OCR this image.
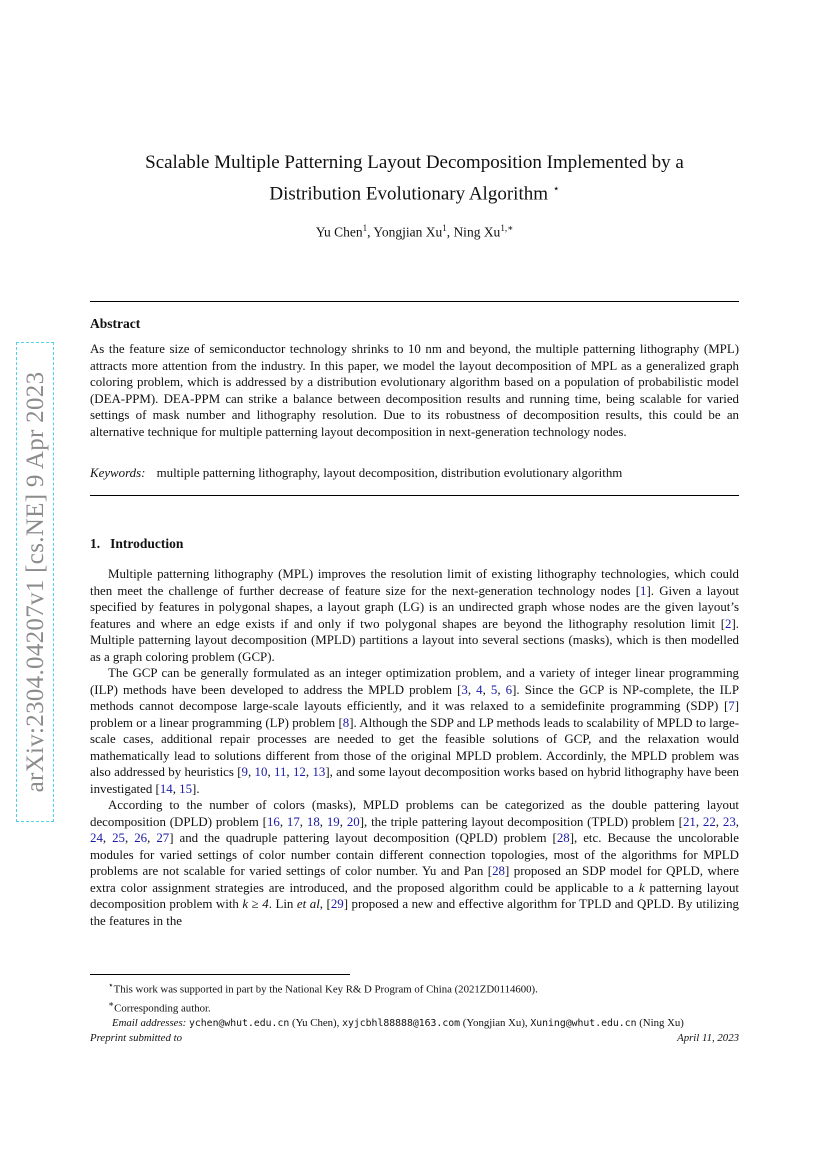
arXiv:2304.04207v1 [cs.NE] 9 Apr 2023
Scalable Multiple Patterning Layout Decomposition Implemented by a
Distribution Evolutionary Algorithm ⋆
Yu Chen$^1$, Yongjian Xu$^1$, Ning $Xu^{1,∗}$
Abstract

As the feature size of semiconductor technology shrinks to 10 nm and beyond, the multiple patterning lithography (MPL) attracts more attention from the industry. In this paper, we model the layout decomposition of MPL as a generalized graph coloring problem, which is addressed by a distribution evolutionary algorithm based on a population of probabilistic model (DEA-PPM). DEA-PPM can strike a balance between decomposition results and running time, being scalable for varied settings of mask number and lithography resolution. Due to its robustness of decomposition results, this could be an alternative technique for multiple patterning layout decomposition in next-generation technology nodes.

Keywords: multiple patterning lithography, layout decomposition, distribution evolutionary algorithm
1. Introduction

Multiple patterning lithography (MPL) improves the resolution limit of existing lithography technologies, which could then meet the challenge of further decrease of feature size for the next-generation technology nodes [1]. Given a layout specified by features in polygonal shapes, a layout graph (LG) is an undirected graph whose nodes are the given layout’s features and where an edge exists if and only if two polygonal shapes are beyond the lithography resolution limit [2]. Multiple patterning layout decomposition (MPLD) partitions a layout into several sections (masks), which is then modelled as a graph coloring problem (GCP).

The GCP can be generally formulated as an integer optimization problem, and a variety of integer linear programming (ILP) methods have been developed to address the MPLD problem [3, 4, 5, 6]. Since the GCP is NP-complete, the ILP methods cannot decompose large-scale layouts efficiently, and it was relaxed to a semidefinite programming (SDP) [7] problem or a linear programming (LP) problem [8]. Although the SDP and LP methods leads to scalability of MPLD to large-scale cases, additional repair processes are needed to get the feasible solutions of GCP, and the relaxation would mathematically lead to solutions different from those of the original MPLD problem. Accordinly, the MPLD problem was also addressed by heuristics [9, 10, 11, 12, 13], and some layout decomposition works based on hybrid lithography have been investigated [14, 15].

According to the number of colors (masks), MPLD problems can be categorized as the double pattering layout decomposition (DPLD) problem [16, 17, 18, 19, 20], the triple pattering layout decomposition (TPLD) problem [21, 22, 23, 24, 25, 26, 27] and the quadruple pattering layout decomposition (QPLD) problem [28], etc. Because the uncolorable modules for varied settings of color number contain different connection topologies, most of the algorithms for MPLD problems are not scalable for varied settings of color number. Yu and Pan [28] proposed an SDP model for QPLD, where extra color assignment strategies are introduced, and the proposed algorithm could be applicable to a k patterning layout decomposition problem with k ≥ 4. Lin et al, [29] proposed a new and effective algorithm for TPLD and QPLD. By utilizing the features in the

⋆This work was supported in part by the National Key R& D Program of China (2021ZD0114600).
∗Corresponding author.
Email addresses: ychen@whut.edu.cn (Yu Chen), xyjcbhl88888@163.com (Yongjian Xu), Xuning@whut.edu.cn (Ning Xu)
Preprint submitted to	April 11, 2023
